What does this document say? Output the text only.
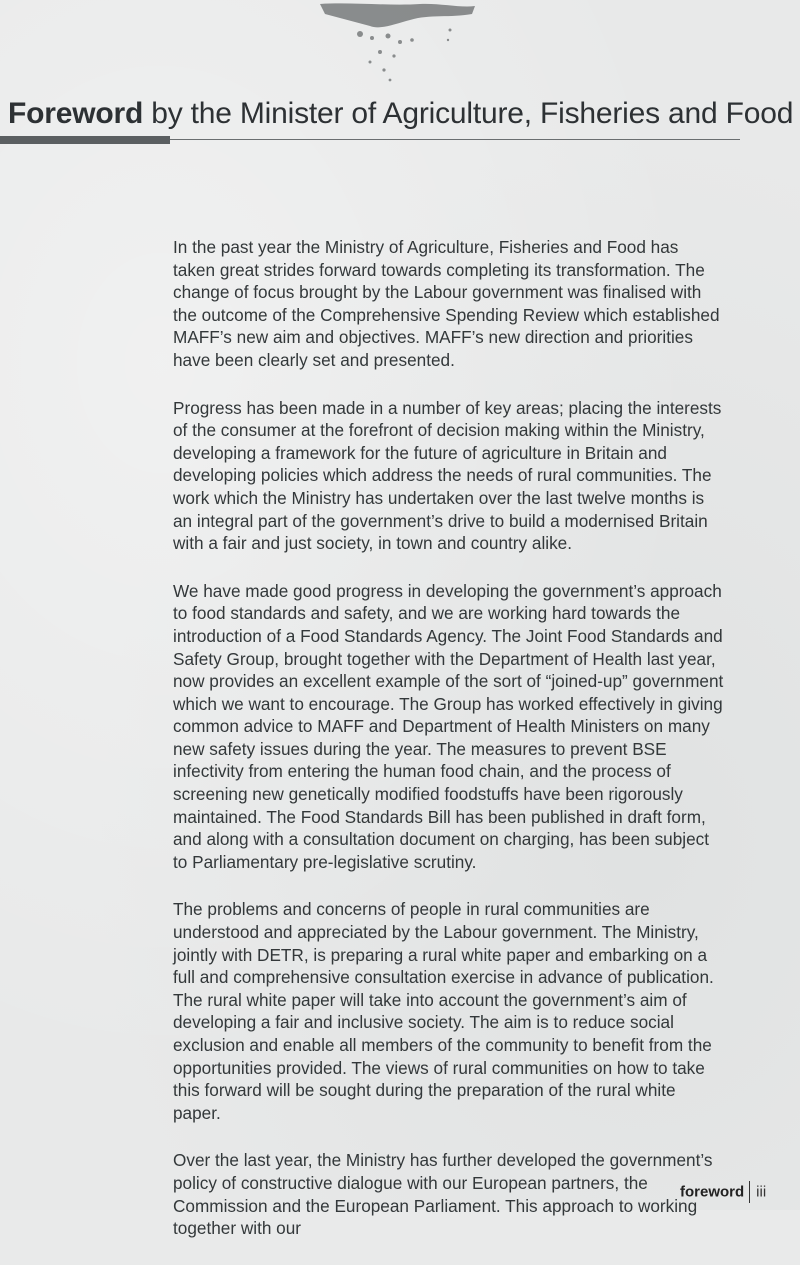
Foreword by the Minister of Agriculture, Fisheries and Food

In the past year the Ministry of Agriculture, Fisheries and Food has taken great strides forward towards completing its transformation. The change of focus brought by the Labour government was finalised with the outcome of the Comprehensive Spending Review which established MAFF’s new aim and objectives. MAFF’s new direction and priorities have been clearly set and presented.

Progress has been made in a number of key areas; placing the interests of the consumer at the forefront of decision making within the Ministry, developing a framework for the future of agriculture in Britain and developing policies which address the needs of rural communities. The work which the Ministry has undertaken over the last twelve months is an integral part of the government’s drive to build a modernised Britain with a fair and just society, in town and country alike.

We have made good progress in developing the government’s approach to food standards and safety, and we are working hard towards the introduction of a Food Standards Agency. The Joint Food Standards and Safety Group, brought together with the Department of Health last year, now provides an excellent example of the sort of “joined-up” government which we want to encourage. The Group has worked effectively in giving common advice to MAFF and Department of Health Ministers on many new safety issues during the year. The measures to prevent BSE infectivity from entering the human food chain, and the process of screening new genetically modified foodstuffs have been rigorously maintained. The Food Standards Bill has been published in draft form, and along with a consultation document on charging, has been subject to Parliamentary pre-legislative scrutiny.

The problems and concerns of people in rural communities are understood and appreciated by the Labour government. The Ministry, jointly with DETR, is preparing a rural white paper and embarking on a full and comprehensive consultation exercise in advance of publication. The rural white paper will take into account the government’s aim of developing a fair and inclusive society. The aim is to reduce social exclusion and enable all members of the community to benefit from the opportunities provided. The views of rural communities on how to take this forward will be sought during the preparation of the rural white paper.

Over the last year, the Ministry has further developed the government’s policy of constructive dialogue with our European partners, the Commission and the European Parliament. This approach to working together with our

foreword iii
